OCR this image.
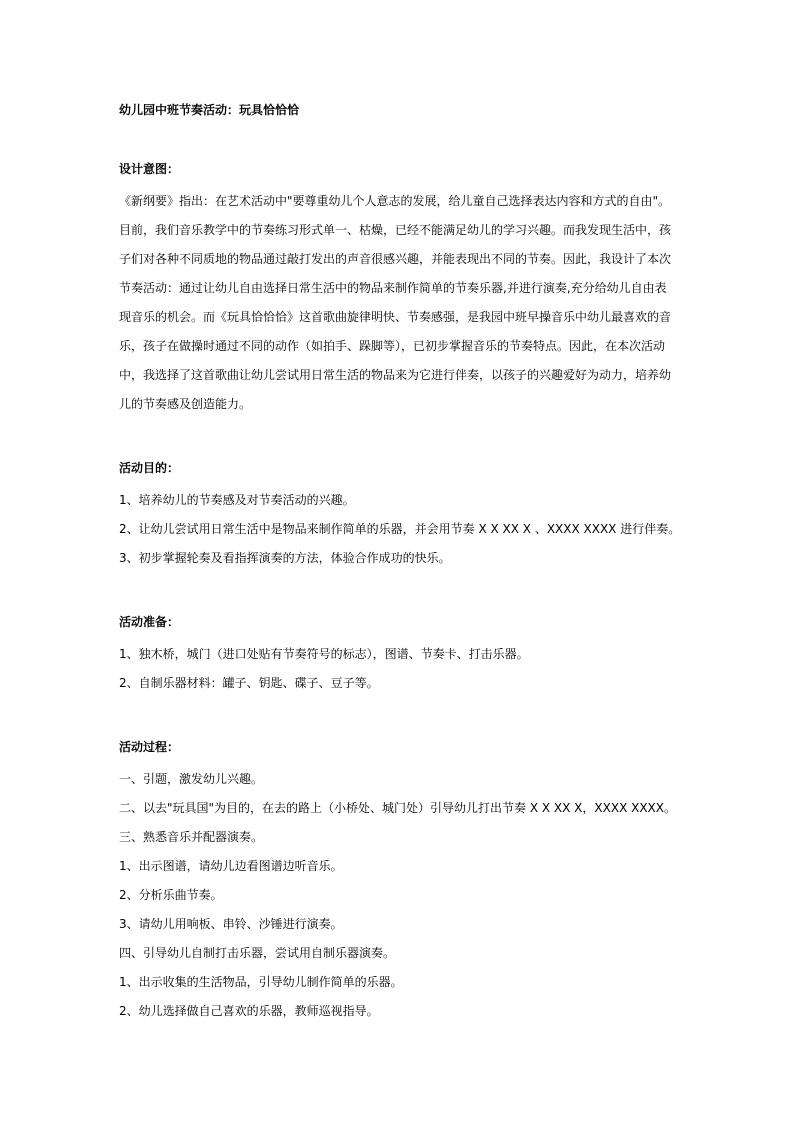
幼儿园中班节奏活动：玩具恰恰恰

设计意图：

《新纲要》指出：在艺术活动中"要尊重幼儿个人意志的发展，给儿童自己选择表达内容和方式的自由"。
目前，我们音乐教学中的节奏练习形式单一、枯燥，已经不能满足幼儿的学习兴趣。而我发现生活中，孩
子们对各种不同质地的物品通过敲打发出的声音很感兴趣，并能表现出不同的节奏。因此，我设计了本次
节奏活动：通过让幼儿自由选择日常生活中的物品来制作简单的节奏乐器,并进行演奏,充分给幼儿自由表
现音乐的机会。而《玩具恰恰恰》这首歌曲旋律明快、节奏感强，是我园中班早操音乐中幼儿最喜欢的音
乐，孩子在做操时通过不同的动作（如拍手、跺脚等），已初步掌握音乐的节奏特点。因此，在本次活动
中，我选择了这首歌曲让幼儿尝试用日常生活的物品来为它进行伴奏，以孩子的兴趣爱好为动力，培养幼
儿的节奏感及创造能力。

活动目的：

1、培养幼儿的节奏感及对节奏活动的兴趣。

2、让幼儿尝试用日常生活中是物品来制作简单的乐器，并会用节奏 X X XX X 、XXXX XXXX 进行伴奏。

3、初步掌握轮奏及看指挥演奏的方法，体验合作成功的快乐。

活动准备：

1、独木桥，城门（进口处贴有节奏符号的标志），图谱、节奏卡、打击乐器。

2、自制乐器材料：罐子、钥匙、碟子、豆子等。

活动过程：

一、引题，激发幼儿兴趣。

二、以去"玩具国"为目的，在去的路上（小桥处、城门处）引导幼儿打出节奏 X X XX X，XXXX XXXX。

三、熟悉音乐并配器演奏。

1、出示图谱，请幼儿边看图谱边听音乐。

2、分析乐曲节奏。

3、请幼儿用响板、串铃、沙锤进行演奏。

四、引导幼儿自制打击乐器，尝试用自制乐器演奏。

1、出示收集的生活物品，引导幼儿制作简单的乐器。

2、幼儿选择做自己喜欢的乐器，教师巡视指导。
